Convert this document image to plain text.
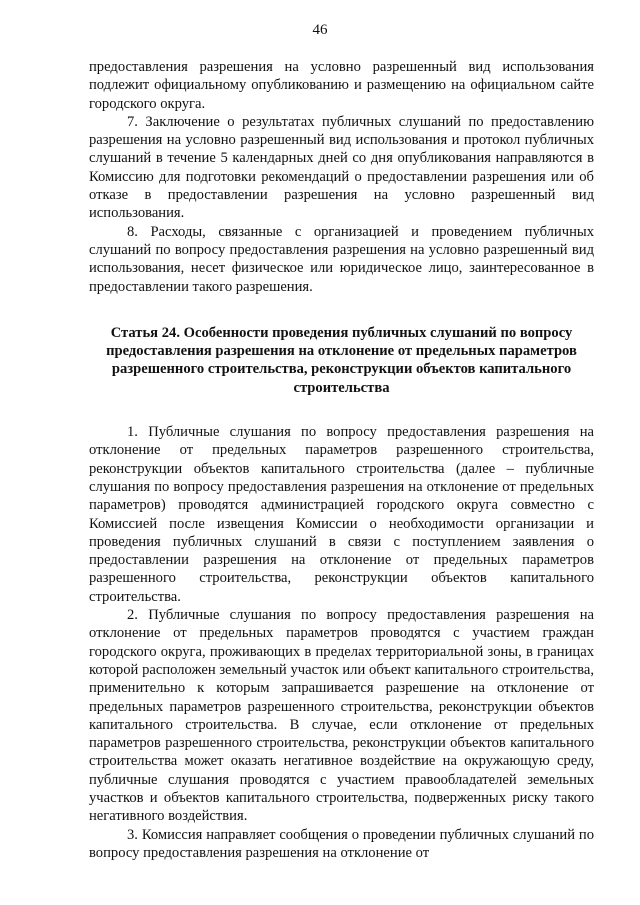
46

предоставления разрешения на условно разрешенный вид использования подлежит официальному опубликованию и размещению на официальном сайте городского округа.

7. Заключение о результатах публичных слушаний по предоставлению разрешения на условно разрешенный вид использования и протокол публичных слушаний в течение 5 календарных дней со дня опубликования направляются в Комиссию для подготовки рекомендаций о предоставлении разрешения или об отказе в предоставлении разрешения на условно разрешенный вид использования.

8. Расходы, связанные с организацией и проведением публичных слушаний по вопросу предоставления разрешения на условно разрешенный вид использования, несет физическое или юридическое лицо, заинтересованное в предоставлении такого разрешения.

Статья 24. Особенности проведения публичных слушаний по вопросу предоставления разрешения на отклонение от предельных параметров разрешенного строительства, реконструкции объектов капитального строительства

1. Публичные слушания по вопросу предоставления разрешения на отклонение от предельных параметров разрешенного строительства, реконструкции объектов капитального строительства (далее – публичные слушания по вопросу предоставления разрешения на отклонение от предельных параметров) проводятся администрацией городского округа совместно с Комиссией после извещения Комиссии о необходимости организации и проведения публичных слушаний в связи с поступлением заявления о предоставлении разрешения на отклонение от предельных параметров разрешенного строительства, реконструкции объектов капитального строительства.

2. Публичные слушания по вопросу предоставления разрешения на отклонение от предельных параметров проводятся с участием граждан городского округа, проживающих в пределах территориальной зоны, в границах которой расположен земельный участок или объект капитального строительства, применительно к которым запрашивается разрешение на отклонение от предельных параметров разрешенного строительства, реконструкции объектов капитального строительства. В случае, если отклонение от предельных параметров разрешенного строительства, реконструкции объектов капитального строительства может оказать негативное воздействие на окружающую среду, публичные слушания проводятся с участием правообладателей земельных участков и объектов капитального строительства, подверженных риску такого негативного воздействия.

3. Комиссия направляет сообщения о проведении публичных слушаний по вопросу предоставления разрешения на отклонение от
